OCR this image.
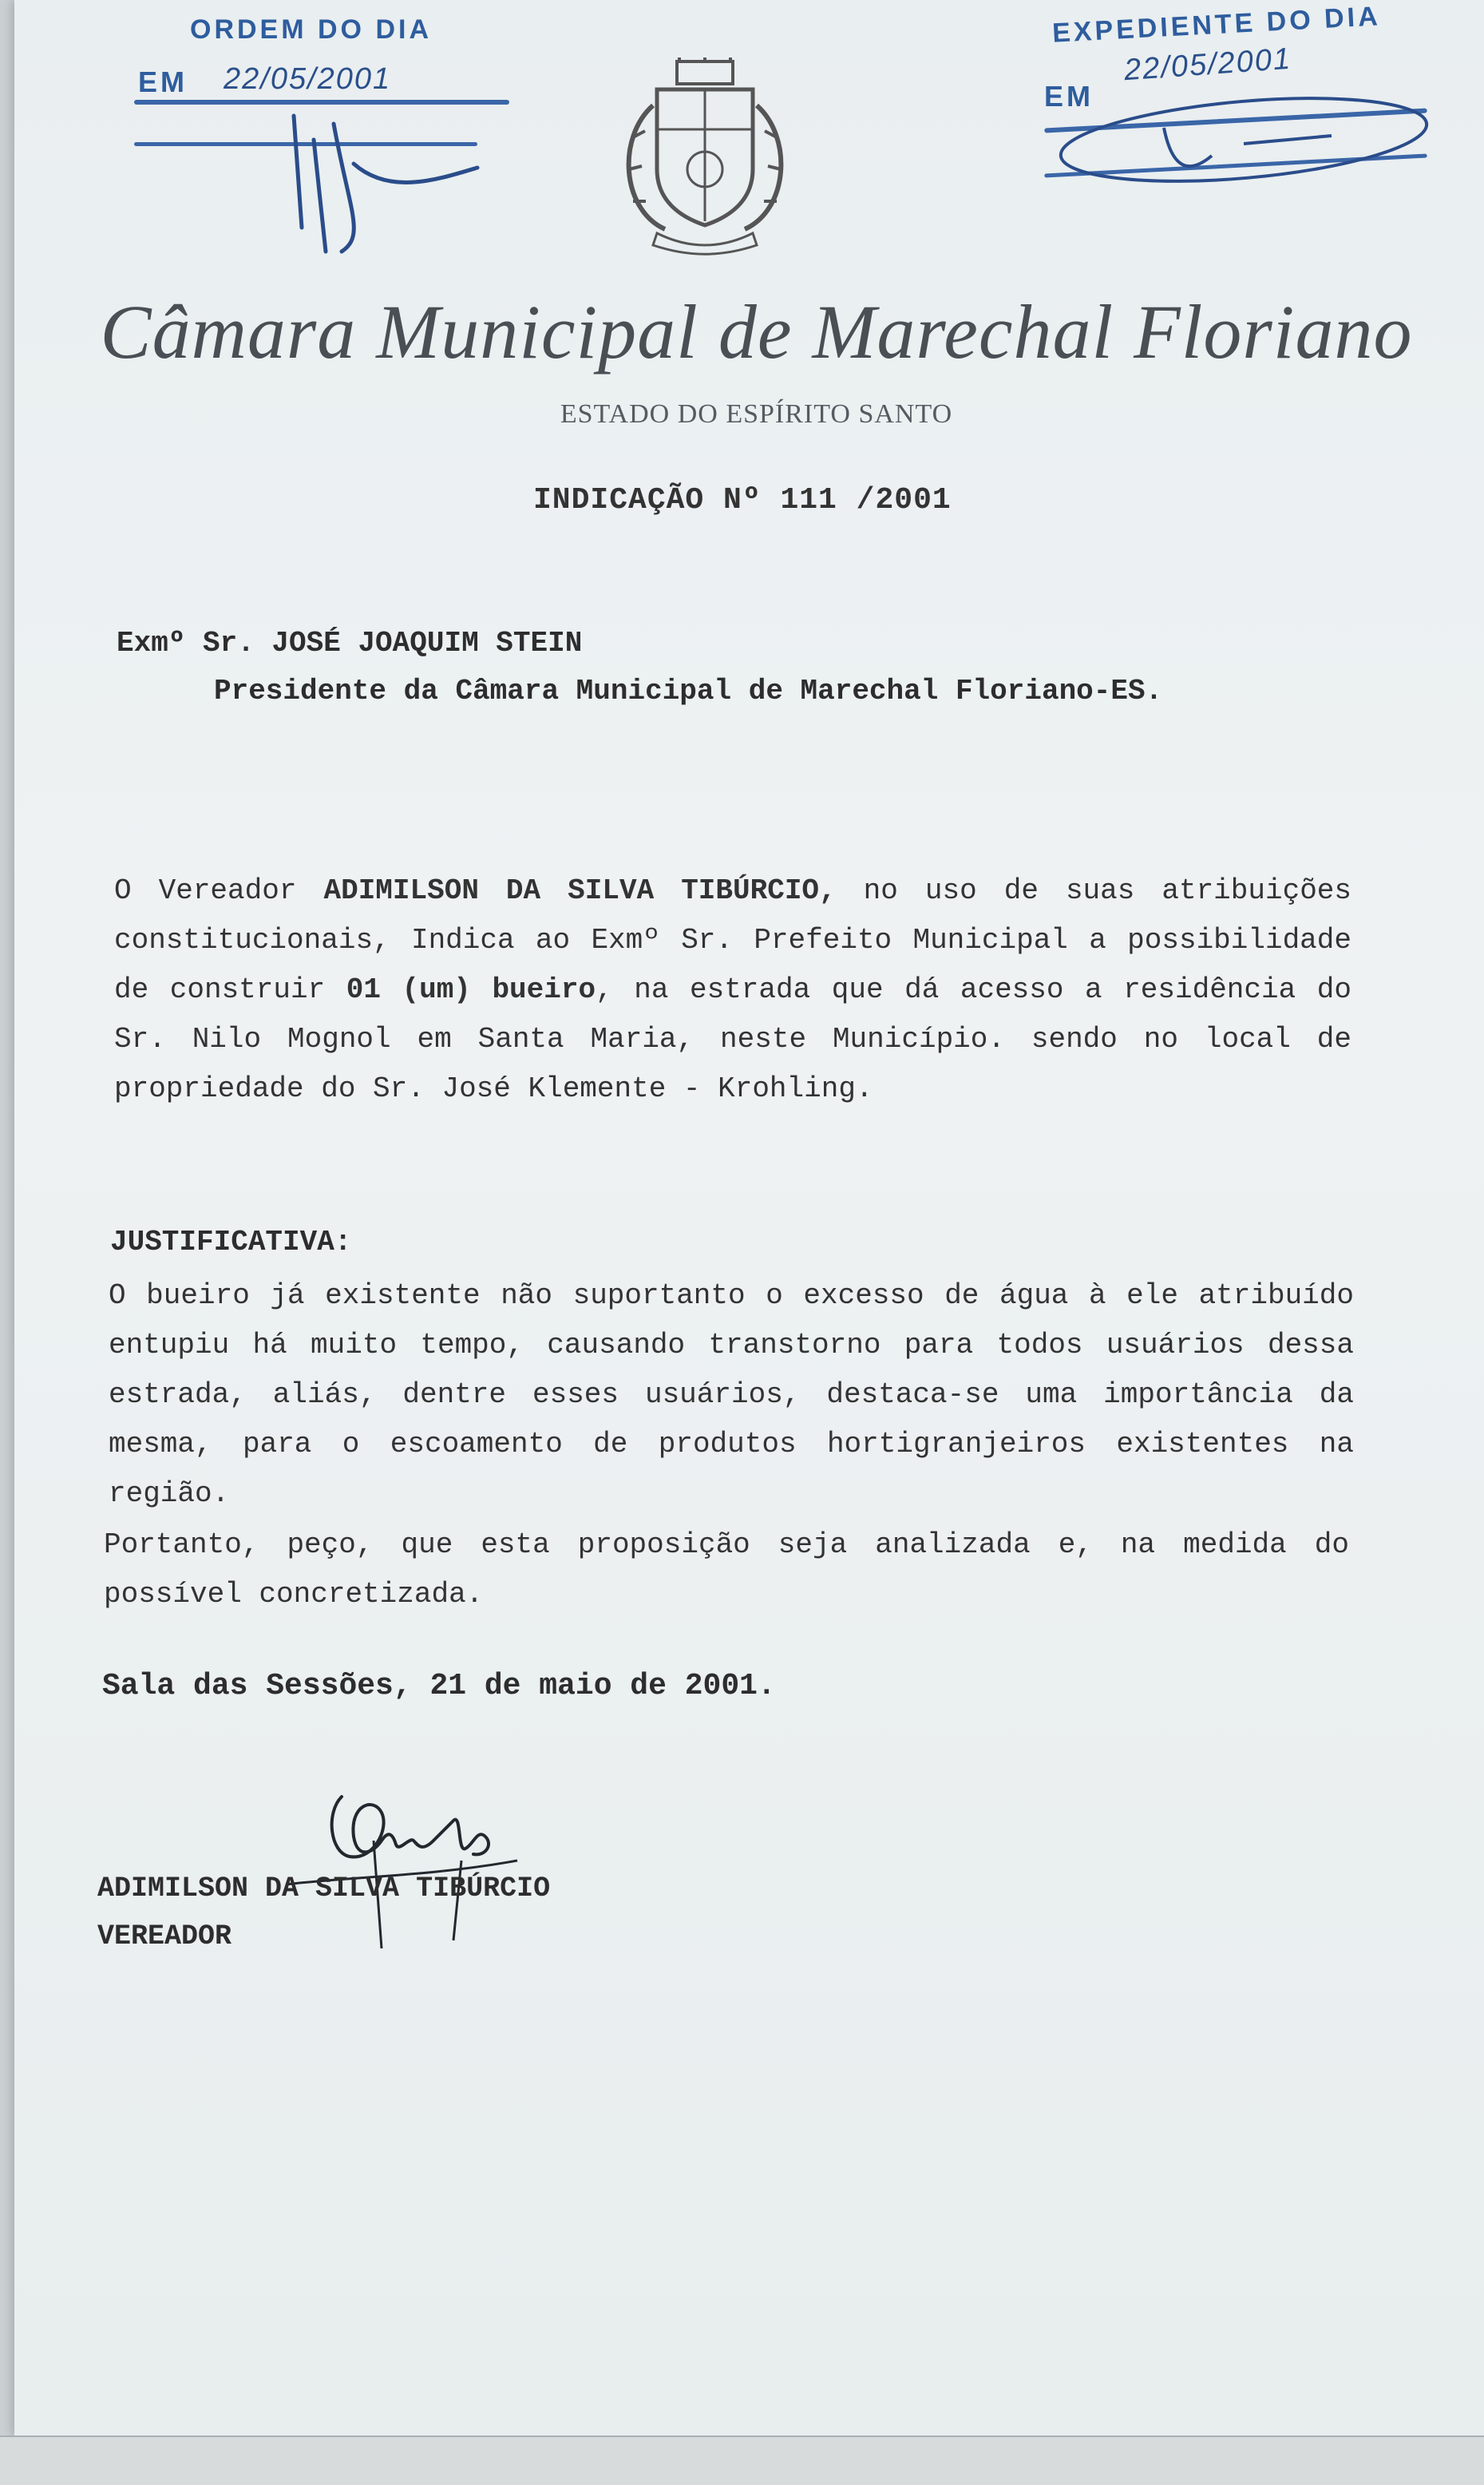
ORDEM DO DIA
EM 22/05/2001
EXPEDIENTE DO DIA
EM
22/05/2001
Câmara Municipal de Marechal Floriano
ESTADO DO ESPÍRITO SANTO
INDICAÇÃO Nº 111 /2001
Exmº Sr. JOSÉ JOAQUIM STEIN
Presidente da Câmara Municipal de Marechal Floriano-ES.
O Vereador ADIMILSON DA SILVA TIBÚRCIO, no uso de suas atribuições constitucionais, Indica ao Exmº Sr. Prefeito Municipal a possibilidade de construir 01 (um) bueiro, na estrada que dá acesso a residência do Sr. Nilo Mognol em Santa Maria, neste Município. sendo no local de propriedade do Sr. José Klemente - Krohling.
JUSTIFICATIVA:
O bueiro já existente não suportanto o excesso de água à ele atribuído entupiu há muito tempo, causando transtorno para todos usuários dessa estrada, aliás, dentre esses usuários, destaca-se uma importância da mesma, para o escoamento de produtos hortigranjeiros existentes na região.
Portanto, peço, que esta proposição seja analizada e, na medida do possível concretizada.
Sala das Sessões, 21 de maio de 2001.
ADIMILSON DA SILVA TIBÚRCIO
VEREADOR
